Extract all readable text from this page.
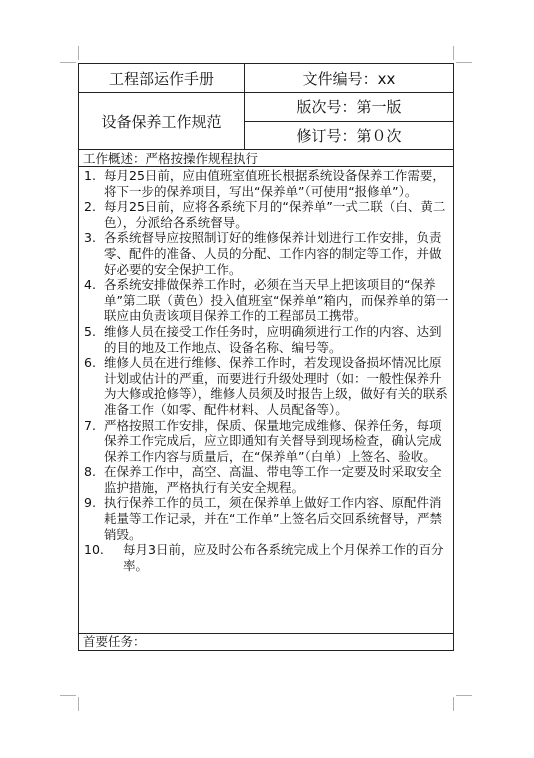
工程部运作手册	文件编号：xx
设备保养工作规范
版次号：第一版
修订号：第０次
工作概述：严格按操作规程执行
1. 每月25日前，应由值班室值班长根据系统设备保养工作需要，将下一步的保养项目，写出“保养单”（可使用“报修单”）。
2. 每月25日前，应将各系统下月的“保养单”一式二联（白、黄二色），分派给各系统督导。
3. 各系统督导应按照制订好的维修保养计划进行工作安排，负责零、配件的准备、人员的分配、工作内容的制定等工作，并做好必要的安全保护工作。
4. 各系统安排做保养工作时，必须在当天早上把该项目的“保养单”第二联（黄色）投入值班室“保养单”箱内，而保养单的第一联应由负责该项目保养工作的工程部员工携带。
5. 维修人员在接受工作任务时，应明确须进行工作的内容、达到的目的地及工作地点、设备名称、编号等。
6. 维修人员在进行维修、保养工作时，若发现设备损坏情况比原计划或估计的严重，而要进行升级处理时（如：一般性保养升为大修或抢修等），维修人员须及时报告上级，做好有关的联系准备工作（如零、配件材料、人员配备等）。
7. 严格按照工作安排，保质、保量地完成维修、保养任务，每项保养工作完成后，应立即通知有关督导到现场检查，确认完成保养工作内容与质量后，在“保养单”（白单）上签名、验收。
8. 在保养工作中，高空、高温、带电等工作一定要及时采取安全监护措施，严格执行有关安全规程。
9. 执行保养工作的员工，须在保养单上做好工作内容、原配件消耗量等工作记录，并在“工作单”上签名后交回系统督导，严禁销毁。
10.	每月3日前，应及时公布各系统完成上个月保养工作的百分率。
首要任务：
